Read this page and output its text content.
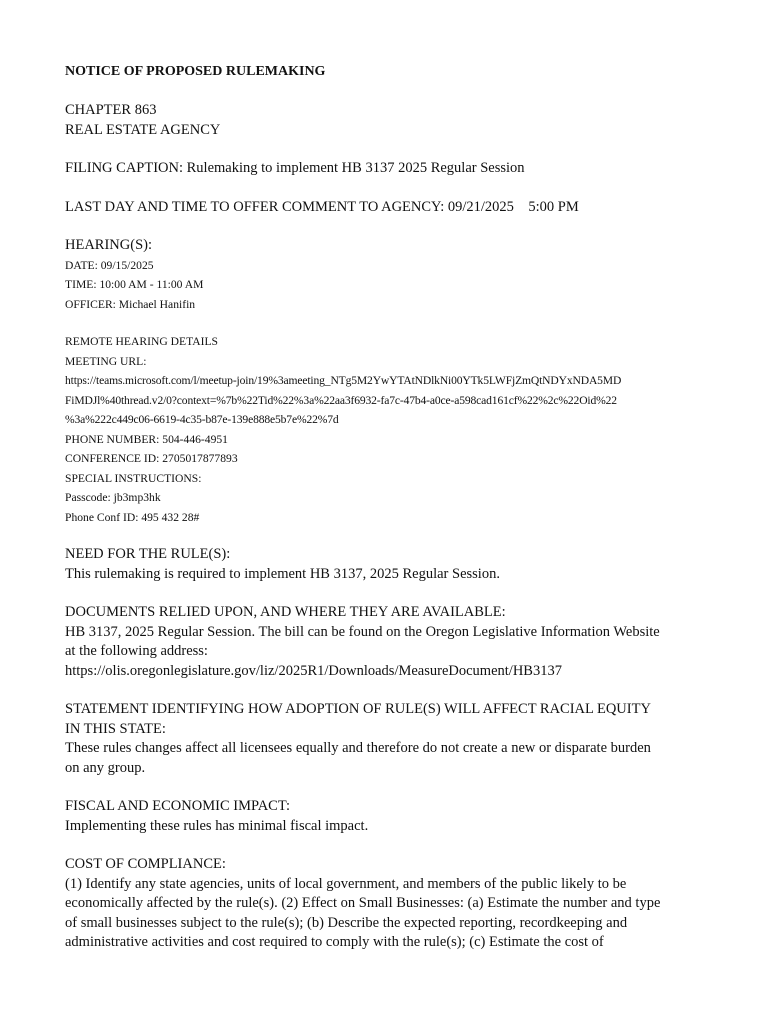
NOTICE OF PROPOSED RULEMAKING
CHAPTER 863
REAL ESTATE AGENCY
FILING CAPTION: Rulemaking to implement HB 3137 2025 Regular Session
LAST DAY AND TIME TO OFFER COMMENT TO AGENCY: 09/21/2025    5:00 PM
HEARING(S):
DATE: 09/15/2025
TIME: 10:00 AM - 11:00 AM
OFFICER: Michael Hanifin
REMOTE HEARING DETAILS
MEETING URL:
https://teams.microsoft.com/l/meetup-join/19%3ameeting_NTg5M2YwYTAtNDlkNi00YTk5LWFjZmQtNDYxNDA5MD
FiMDJl%40thread.v2/0?context=%7b%22Tid%22%3a%22aa3f6932-fa7c-47b4-a0ce-a598cad161cf%22%2c%22Oid%22
%3a%222c449c06-6619-4c35-b87e-139e888e5b7e%22%7d
PHONE NUMBER: 504-446-4951
CONFERENCE ID: 2705017877893
SPECIAL INSTRUCTIONS:
Passcode: jb3mp3hk
Phone Conf ID: 495 432 28#
NEED FOR THE RULE(S):
This rulemaking is required to implement HB 3137, 2025 Regular Session.
DOCUMENTS RELIED UPON, AND WHERE THEY ARE AVAILABLE:
HB 3137, 2025 Regular Session. The bill can be found on the Oregon Legislative Information Website
at the following address:
https://olis.oregonlegislature.gov/liz/2025R1/Downloads/MeasureDocument/HB3137
STATEMENT IDENTIFYING HOW ADOPTION OF RULE(S) WILL AFFECT RACIAL EQUITY
IN THIS STATE:
These rules changes affect all licensees equally and therefore do not create a new or disparate burden
on any group.
FISCAL AND ECONOMIC IMPACT:
Implementing these rules has minimal fiscal impact.
COST OF COMPLIANCE:
(1) Identify any state agencies, units of local government, and members of the public likely to be
economically affected by the rule(s). (2) Effect on Small Businesses: (a) Estimate the number and type
of small businesses subject to the rule(s); (b) Describe the expected reporting, recordkeeping and
administrative activities and cost required to comply with the rule(s); (c) Estimate the cost of
